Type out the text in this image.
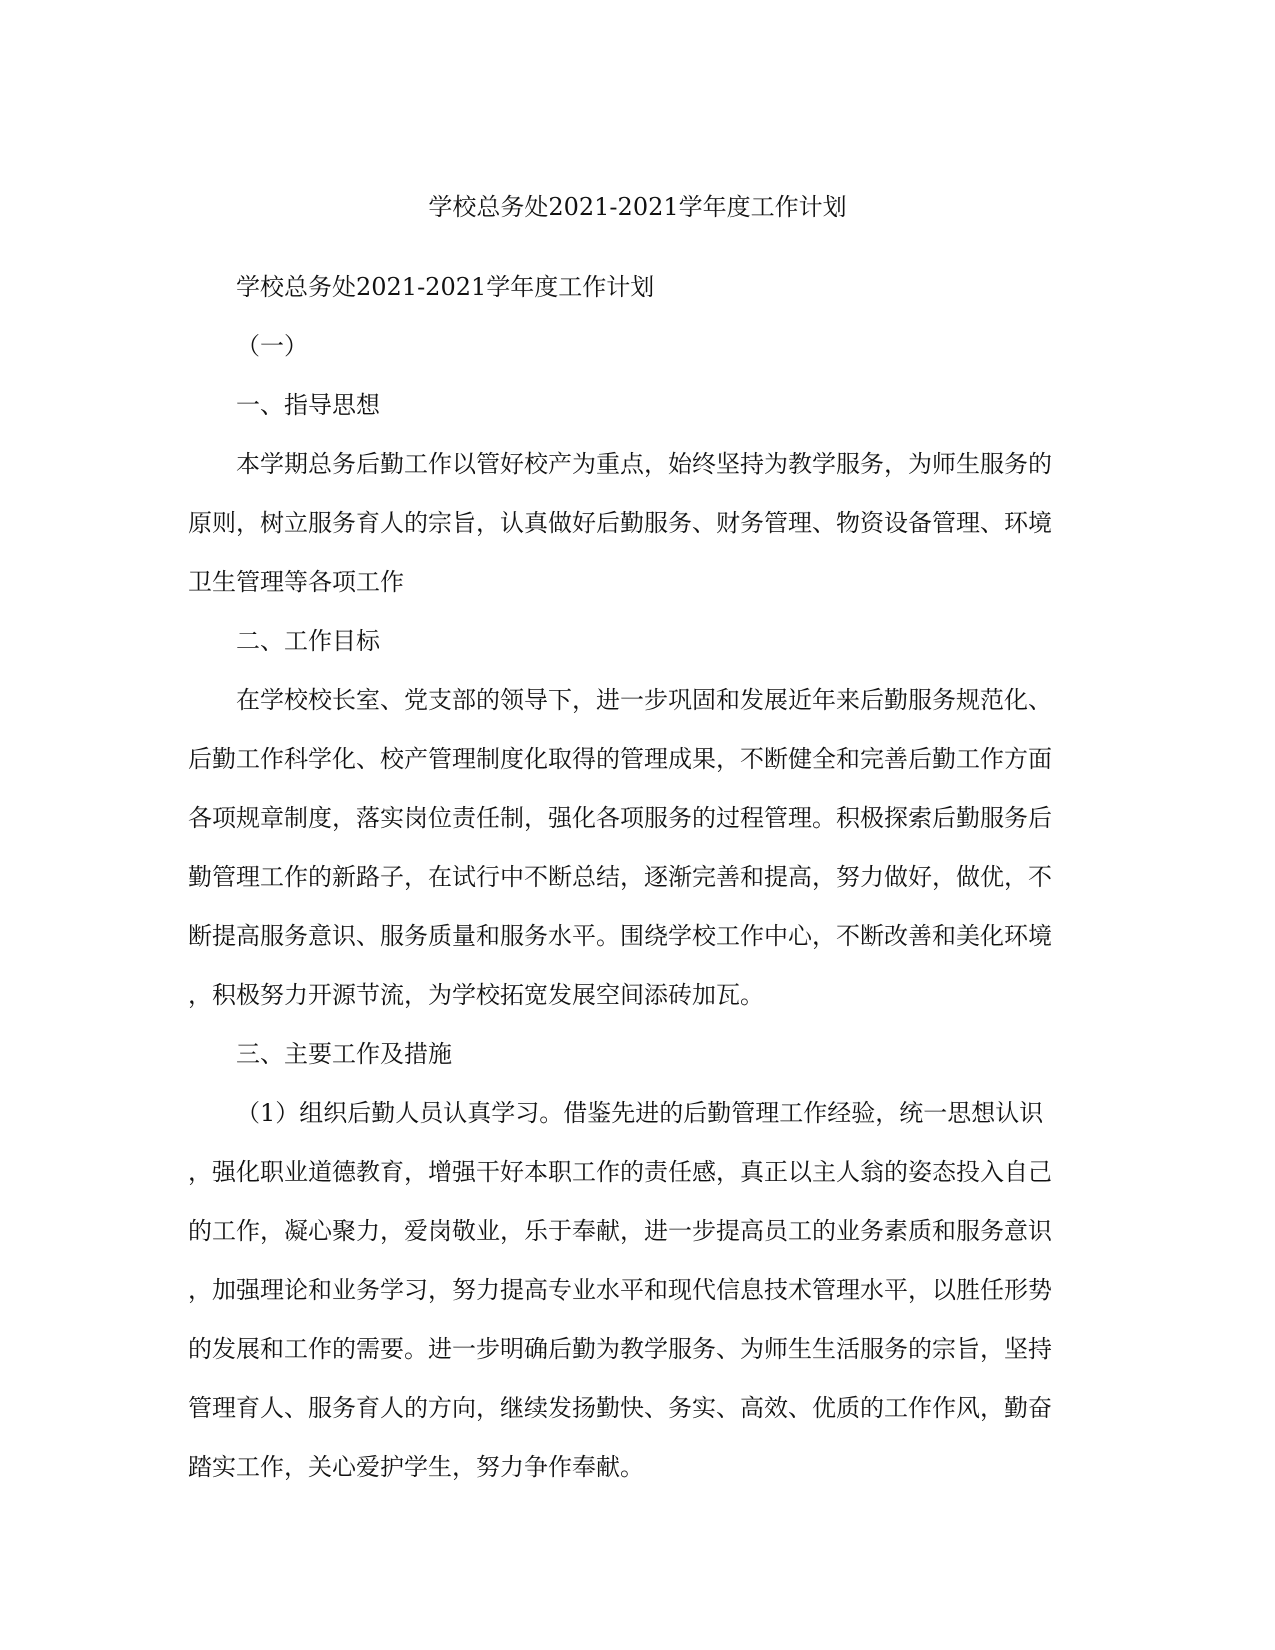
学校总务处2021-2021学年度工作计划
学校总务处2021-2021学年度工作计划
（一）
一、指导思想
本学期总务后勤工作以管好校产为重点，始终坚持为教学服务，为师生服务的
原则，树立服务育人的宗旨，认真做好后勤服务、财务管理、物资设备管理、环境
卫生管理等各项工作
二、工作目标
在学校校长室、党支部的领导下，进一步巩固和发展近年来后勤服务规范化、
后勤工作科学化、校产管理制度化取得的管理成果，不断健全和完善后勤工作方面
各项规章制度，落实岗位责任制，强化各项服务的过程管理。积极探索后勤服务后
勤管理工作的新路子，在试行中不断总结，逐渐完善和提高，努力做好，做优，不
断提高服务意识、服务质量和服务水平。围绕学校工作中心，不断改善和美化环境
，积极努力开源节流，为学校拓宽发展空间添砖加瓦。
三、主要工作及措施
（1）组织后勤人员认真学习。借鉴先进的后勤管理工作经验，统一思想认识
，强化职业道德教育，增强干好本职工作的责任感，真正以主人翁的姿态投入自己
的工作，凝心聚力，爱岗敬业，乐于奉献，进一步提高员工的业务素质和服务意识
，加强理论和业务学习，努力提高专业水平和现代信息技术管理水平，以胜任形势
的发展和工作的需要。进一步明确后勤为教学服务、为师生生活服务的宗旨，坚持
管理育人、服务育人的方向，继续发扬勤快、务实、高效、优质的工作作风，勤奋
踏实工作，关心爱护学生，努力争作奉献。
